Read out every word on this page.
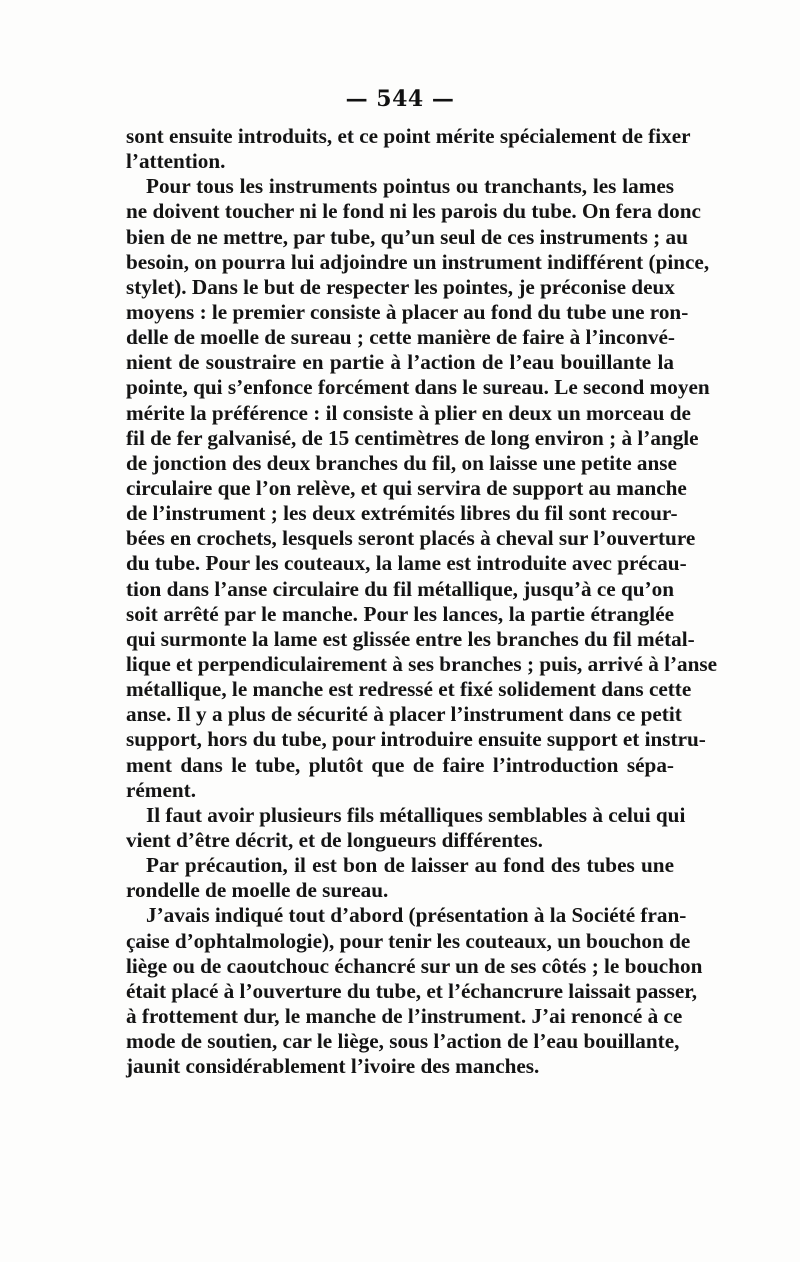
— 544 —
sont ensuite introduits, et ce point mérite spécialement de fixer
l’attention.
Pour tous les instruments pointus ou tranchants, les lames
ne doivent toucher ni le fond ni les parois du tube. On fera donc
bien de ne mettre, par tube, qu’un seul de ces instruments ; au
besoin, on pourra lui adjoindre un instrument indifférent (pince,
stylet). Dans le but de respecter les pointes, je préconise deux
moyens : le premier consiste à placer au fond du tube une ron-
delle de moelle de sureau ; cette manière de faire à l’inconvé-
nient de soustraire en partie à l’action de l’eau bouillante la
pointe, qui s’enfonce forcément dans le sureau. Le second moyen
mérite la préférence : il consiste à plier en deux un morceau de
fil de fer galvanisé, de 15 centimètres de long environ ; à l’angle
de jonction des deux branches du fil, on laisse une petite anse
circulaire que l’on relève, et qui servira de support au manche
de l’instrument ; les deux extrémités libres du fil sont recour-
bées en crochets, lesquels seront placés à cheval sur l’ouverture
du tube. Pour les couteaux, la lame est introduite avec précau-
tion dans l’anse circulaire du fil métallique, jusqu’à ce qu’on
soit arrêté par le manche. Pour les lances, la partie étranglée
qui surmonte la lame est glissée entre les branches du fil métal-
lique et perpendiculairement à ses branches ; puis, arrivé à l’anse
métallique, le manche est redressé et fixé solidement dans cette
anse. Il y a plus de sécurité à placer l’instrument dans ce petit
support, hors du tube, pour introduire ensuite support et instru-
ment dans le tube, plutôt que de faire l’introduction sépa-
rément.
Il faut avoir plusieurs fils métalliques semblables à celui qui
vient d’être décrit, et de longueurs différentes.
Par précaution, il est bon de laisser au fond des tubes une
rondelle de moelle de sureau.
J’avais indiqué tout d’abord (présentation à la Société fran-
çaise d’ophtalmologie), pour tenir les couteaux, un bouchon de
liège ou de caoutchouc échancré sur un de ses côtés ; le bouchon
était placé à l’ouverture du tube, et l’échancrure laissait passer,
à frottement dur, le manche de l’instrument. J’ai renoncé à ce
mode de soutien, car le liège, sous l’action de l’eau bouillante,
jaunit considérablement l’ivoire des manches.
